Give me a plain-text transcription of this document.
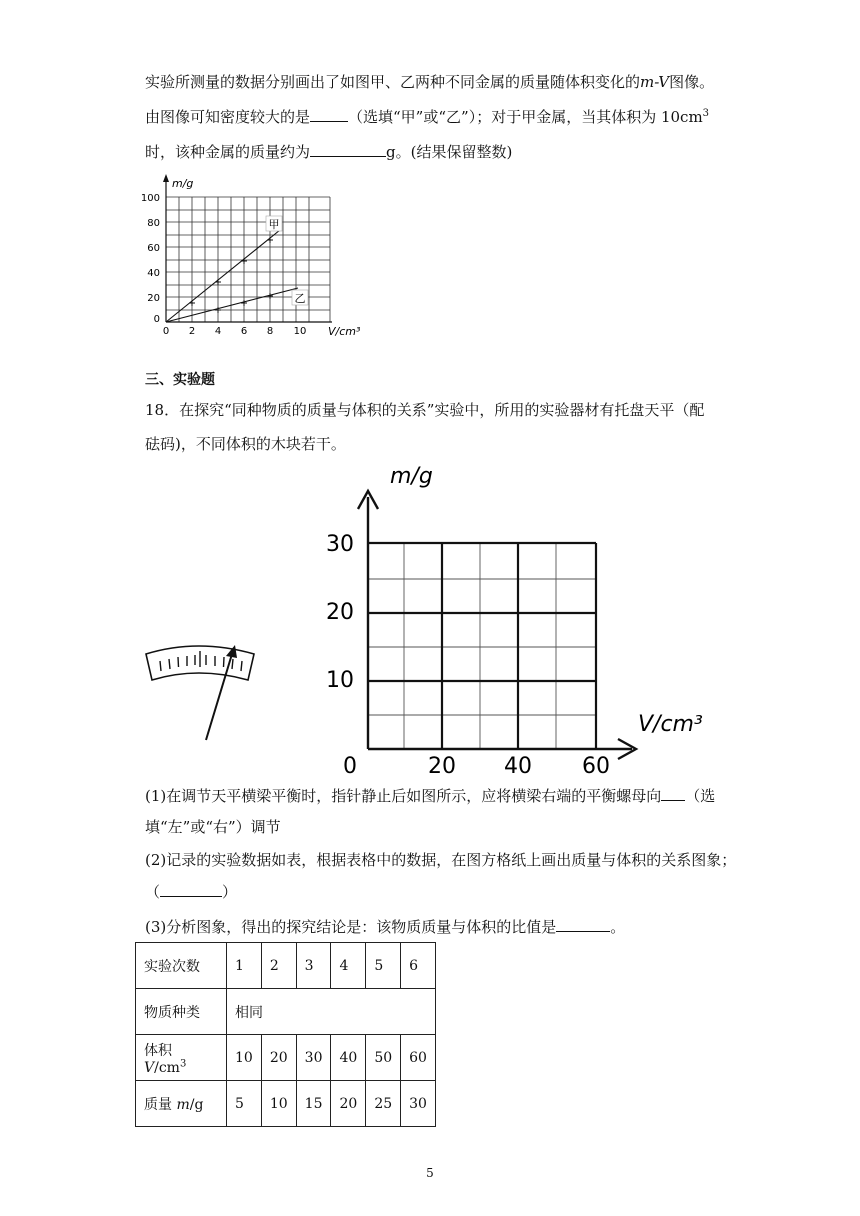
实验所测量的数据分别画出了如图甲、乙两种不同金属的质量随体积变化的m-V图像。
由图像可知密度较大的是	（选填“甲”或“乙”）；对于甲金属，当其体积为 $10cm^3$
时，该种金属的质量约为	g。(结果保留整数)
m/g
V/cm³
100
80
60
40
20
0
0 2 4 6 8 10
甲
乙
三、实验题
18．在探究“同种物质的质量与体积的关系”实验中，所用的实验器材有托盘天平（配
砝码)，不同体积的木块若干。
m/g
V/cm³
30
20
10
0	20 40 60
(1)在调节天平横梁平衡时，指针静止后如图所示，应将横梁右端的平衡螺母向 （选
填“左”或“右”）调节
(2)记录的实验数据如表，根据表格中的数据，在图方格纸上画出质量与体积的关系图象；
（	）
(3)分析图象，得出的探究结论是：该物质质量与体积的比值是	。
实验次数	1	2	3	4	5	6
物质种类	相同					
体积 $V/cm^3$	10	20	30	40	50	60
质量 m/g	5	10	15	20	25	30
5
